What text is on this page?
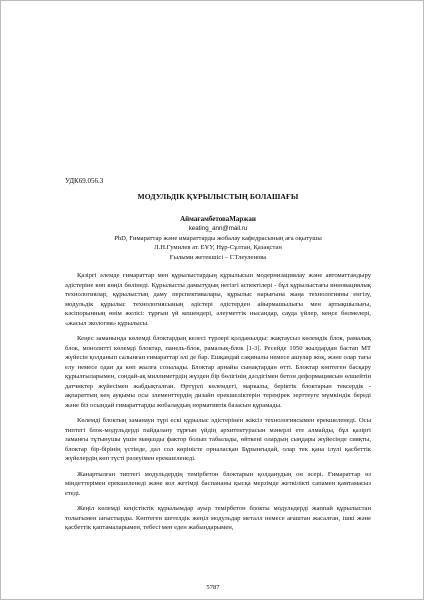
УДК69.056.3
МОДУЛЬДІК ҚҰРЫЛЫСТЫҢ БОЛАШАҒЫ
АймағамбетоваМаржан
keating_ann@mail.ru
PhD, Ғимараттар және имараттарды жобалау кафедрасының аға оқытушы
Л.Н.Гумилев ат. ЕҰУ, Нұр-Сұлтан, Қазақстан
Ғылыми жетекшісі – Г.Тлеуленова

Қазіргі әлемде ғимараттар мен құрылыстардың құрылысын модернизациялау және автоматтандыру әдістеріне көп көңіл бөлінеді. Құрылысты дамытудың негізгі аспектілері - бұл құрылыстағы инновациялық технологиялар, құрылыстың даму перспективалары, құрылыс нарығына жаңа технологияны енгізу, модульдік құрылыс технологиясының әдістері әдістерден айырмашылығы мен артықшылығы, кәсіпорынның өнім желісі: тұрғын үй кешендері, әлеуметтік нысандар, сауда үйлер, кеңсе бөлмелері, «жасыл экология» құрылысы.

Кеңес заманында көлемді блоктардың келесі түрлері қолданылды: жақтаусыз көлемдік блок, рамалық блок, монолитті көлемді блоктар, панель-блок, рамалық-блок [1-3]. Ресейде 1950 жылдардан бастап МТ жүйесін қолданып салынған ғимараттар әлі де бар. Ешқандай сақиналы немесе ашулар жоқ, және олар тағы елу немесе одан да көп жылға созылады. Блоктар арнайы сынақтардан өтті. Блоктар көптеген басқару құрылғыларымен, сондай-ақ миллиметрдің жүзден бір бөлігінің дәлдігімен бетон деформациясын өлшейтін датчиктер жүйесімен жабдықталған. Өртүрлі көлемдегі, маркалы, беріктік блоктарын тексердік - ақпараттың кең ауқымы осы элементтердің дизайн ерекшеліктерін тереңірек зерттеуге мүмкіндік береді және біз осындай ғимараттарды жобалаудың нормативтік базасын құрамады.

Көлемді блоктың заманауи түрі ескі құрылыс әдістерінен жіксіз технологиясымен ерекшеленеді. Осы типтегі блок-модульдерді пайдалану тұрғын үйдің архитектурасын мәнерлі ете алмайды, бұл қазіргі заманғы тұтынушы үшін маңызды фактор болып табылады, өйткені олардың сыңдары жүйесінде сияқты, блоктар бір-бірінің үстінде, дәл сол көріністе орналасқан Бұрынғыдай, олар тек қана ілулі қасбеттік жүйелердің көп түсті рәлеуімен ерекшеленеді.

Жанартылған типтегі модульдердің темірбетон блоктарын қолданудың он әсері. Ғимараттар өз міндеттерімен ерекшеленеді және кол жетімді баспананы қысқа мерзімде жеткілікті сапамен қамтамасыз етеді.

Жеңіл көлемді кеңістіктік құрылымдар ауыр темірбетон блокты модульдерді жаппай құрылыстан толығымен ығыстырды. Көптеген шетелдік жеңіл модульдар металл немесе ағаштан жасалған, ішкі және қасбеттік қаптамаларымен, тебесі мен еден жабындарымен,

5787
